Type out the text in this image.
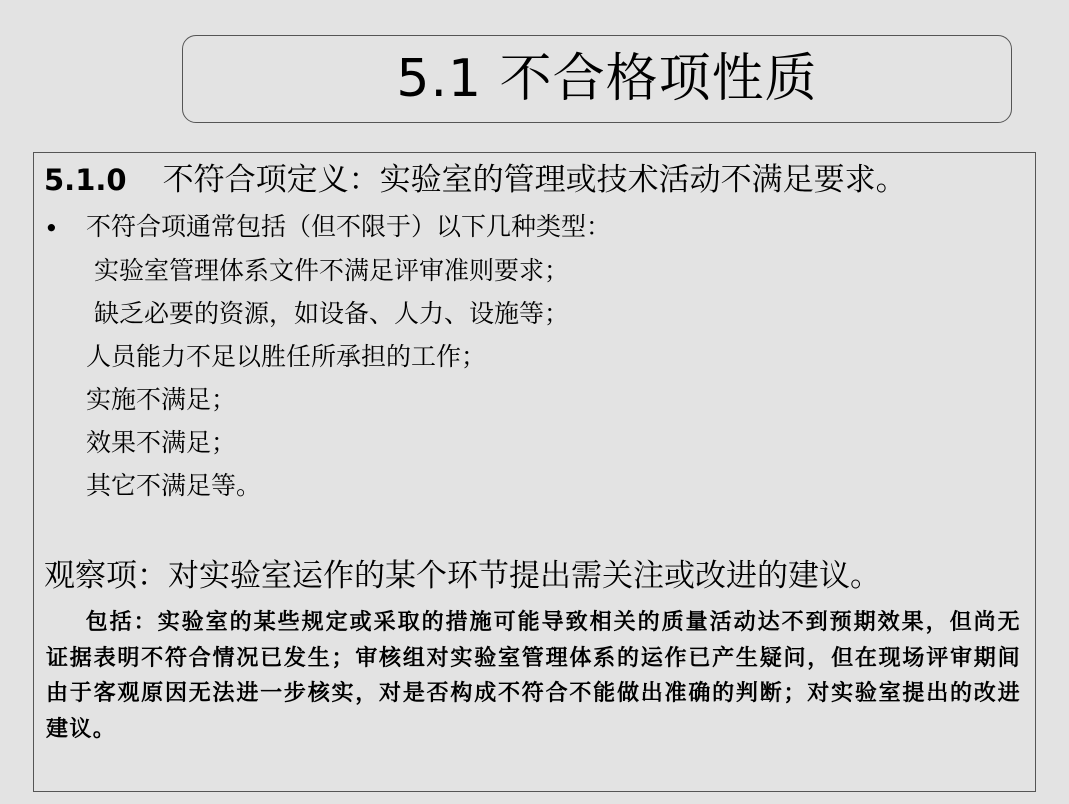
5.1 不合格项性质
5.1.0 不符合项定义：实验室的管理或技术活动不满足要求。
• 不符合项通常包括（但不限于）以下几种类型：
实验室管理体系文件不满足评审准则要求；
缺乏必要的资源，如设备、人力、设施等；
人员能力不足以胜任所承担的工作；
实施不满足；
效果不满足；
其它不满足等。
观察项：对实验室运作的某个环节提出需关注或改进的建议。
包括：实验室的某些规定或采取的措施可能导致相关的质量活动达不到预期效果，但尚无证据表明不符合情况已发生；审核组对实验室管理体系的运作已产生疑问，但在现场评审期间由于客观原因无法进一步核实，对是否构成不符合不能做出准确的判断；对实验室提出的改进建议。
